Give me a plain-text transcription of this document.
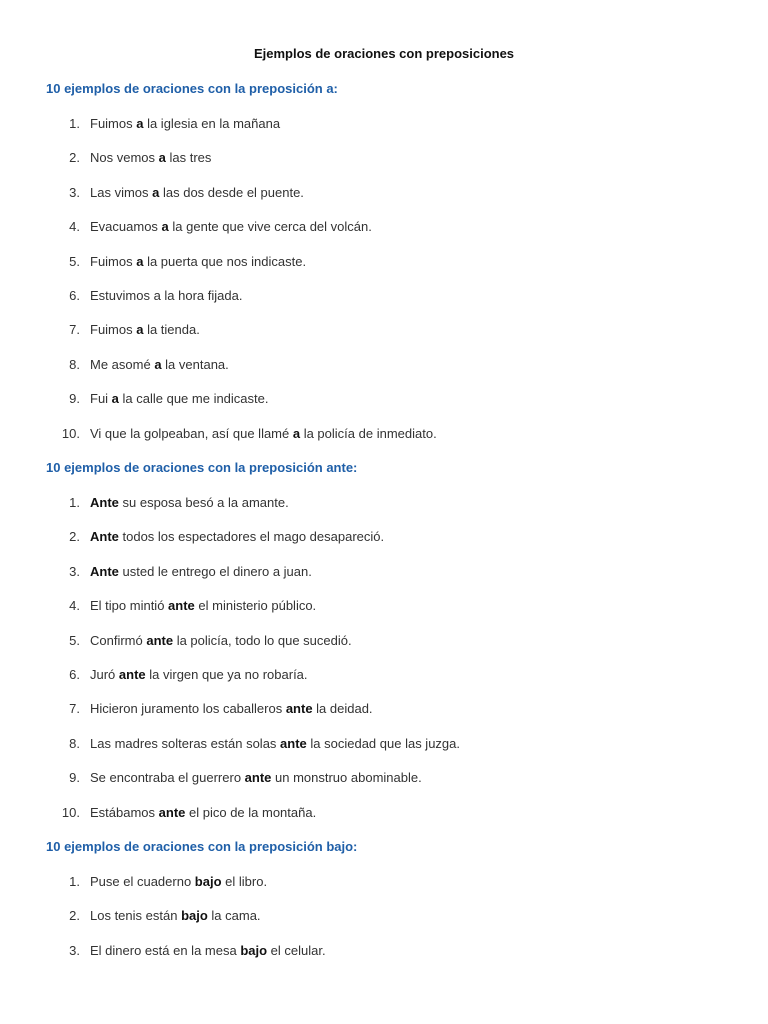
Ejemplos de oraciones con preposiciones
10 ejemplos de oraciones con la preposición a:
1. Fuimos a la iglesia en la mañana
2. Nos vemos a las tres
3. Las vimos a las dos desde el puente.
4. Evacuamos a la gente que vive cerca del volcán.
5. Fuimos a la puerta que nos indicaste.
6. Estuvimos a la hora fijada.
7. Fuimos a la tienda.
8. Me asomé a la ventana.
9. Fui a la calle que me indicaste.
10. Vi que la golpeaban, así que llamé a la policía de inmediato.
10 ejemplos de oraciones con la preposición ante:
1. Ante su esposa besó a la amante.
2. Ante todos los espectadores el mago desapareció.
3. Ante usted le entrego el dinero a juan.
4. El tipo mintió ante el ministerio público.
5. Confirmó ante la policía, todo lo que sucedió.
6. Juró ante la virgen que ya no robaría.
7. Hicieron juramento los caballeros ante la deidad.
8. Las madres solteras están solas ante la sociedad que las juzga.
9. Se encontraba el guerrero ante un monstruo abominable.
10. Estábamos ante el pico de la montaña.
10 ejemplos de oraciones con la preposición bajo:
1. Puse el cuaderno bajo el libro.
2. Los tenis están bajo la cama.
3. El dinero está en la mesa bajo el celular.
